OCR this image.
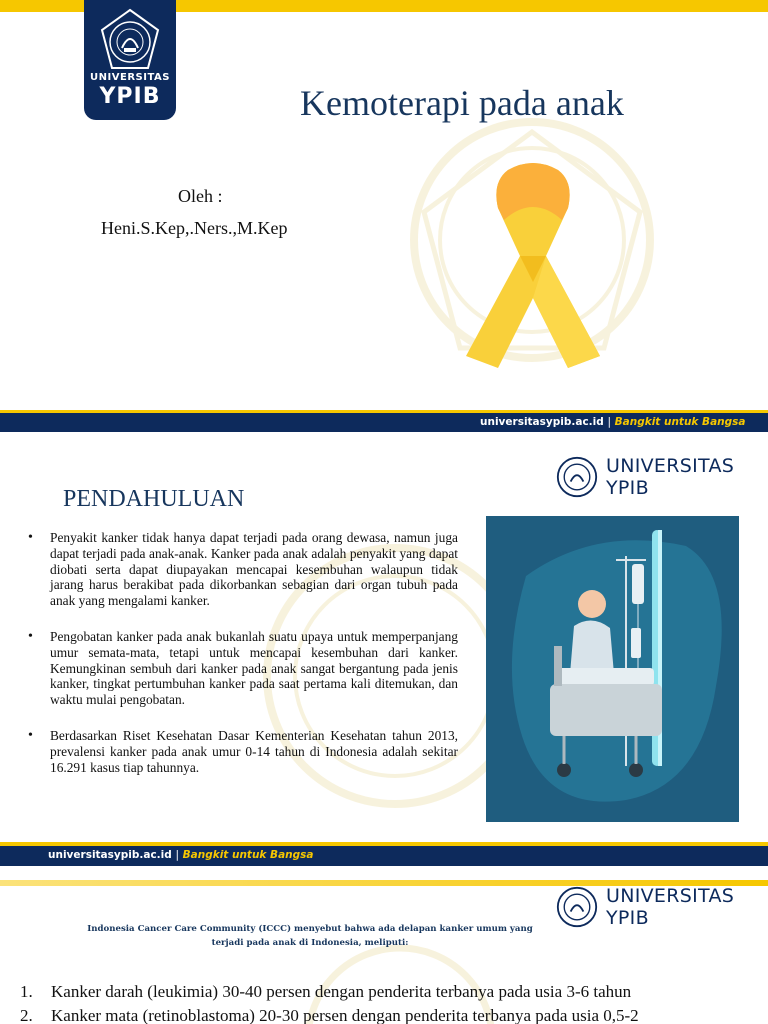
UNIVERSITAS
YPIB	Kemoterapi pada anak
Oleh :
Heni.S.Kep,.Ners.,M.Kep
universitasypib.ac.id | Bangkit untuk Bangsa
UNIVERSITAS YPIB
PENDAHULUAN
• Penyakit kanker tidak hanya dapat terjadi pada orang dewasa, namun juga dapat terjadi pada anak-anak. Kanker pada anak adalah penyakit yang dapat diobati serta dapat diupayakan mencapai kesembuhan walaupun tidak jarang harus berakibat pada dikorbankan sebagian dari organ tubuh pada anak yang mengalami kanker.
• Pengobatan kanker pada anak bukanlah suatu upaya untuk memperpanjang umur semata-mata, tetapi untuk mencapai kesembuhan dari kanker. Kemungkinan sembuh dari kanker pada anak sangat bergantung pada jenis kanker, tingkat pertumbuhan kanker pada saat pertama kali ditemukan, dan waktu mulai pengobatan.
• Berdasarkan Riset Kesehatan Dasar Kementerian Kesehatan tahun 2013, prevalensi kanker pada anak umur 0-14 tahun di Indonesia adalah sekitar 16.291 kasus tiap tahunnya.
universitasypib.ac.id | Bangkit untuk Bangsa
UNIVERSITAS YPIB
Indonesia Cancer Care Community (ICCC) menyebut bahwa ada delapan kanker umum yang
terjadi pada anak di Indonesia, meliputi:
1. Kanker darah (leukimia) 30-40 persen dengan penderita terbanya pada usia 3-6 tahun
2. Kanker mata (retinoblastoma) 20-30 persen dengan penderita terbanya pada usia 0,5-2
